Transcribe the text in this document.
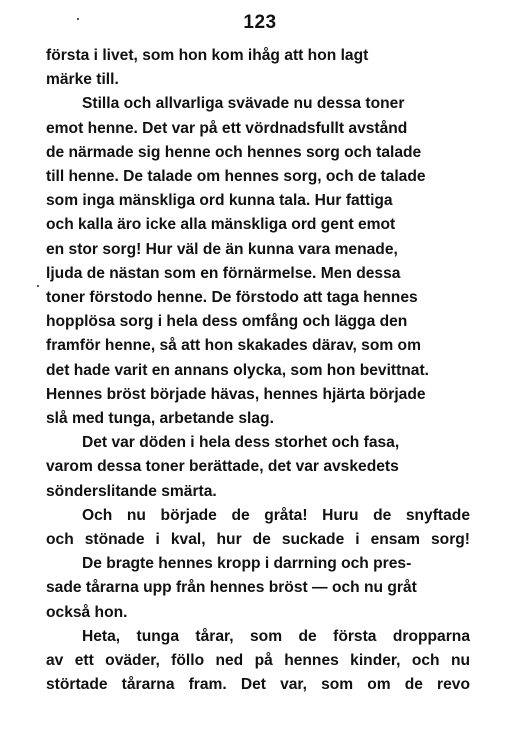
123

första i livet, som hon kom ihåg att hon lagt
märke till.

Stilla och allvarliga svävade nu dessa toner
emot henne. Det var på ett vördnadsfullt avstånd
de närmade sig henne och hennes sorg och talade
till henne. De talade om hennes sorg, och de talade
som inga mänskliga ord kunna tala. Hur fattiga
och kalla äro icke alla mänskliga ord gent emot
en stor sorg! Hur väl de än kunna vara menade,
ljuda de nästan som en förnärmelse. Men dessa
toner förstodo henne. De förstodo att taga hennes
hopplösa sorg i hela dess omfång och lägga den
framför henne, så att hon skakades därav, som om
det hade varit en annans olycka, som hon bevittnat.
Hennes bröst började hävas, hennes hjärta började
slå med tunga, arbetande slag.

Det var döden i hela dess storhet och fasa,
varom dessa toner berättade, det var avskedets
sönderslitande smärta.

Och nu började de gråta! Huru de snyftade
och stönade i kval, hur de suckade i ensam sorg!

De bragte hennes kropp i darrning och pres-
sade tårarna upp från hennes bröst — och nu gråt
också hon.

Heta, tunga tårar, som de första dropparna
av ett oväder, föllo ned på hennes kinder, och nu
störtade tårarna fram. Det var, som om de revo
